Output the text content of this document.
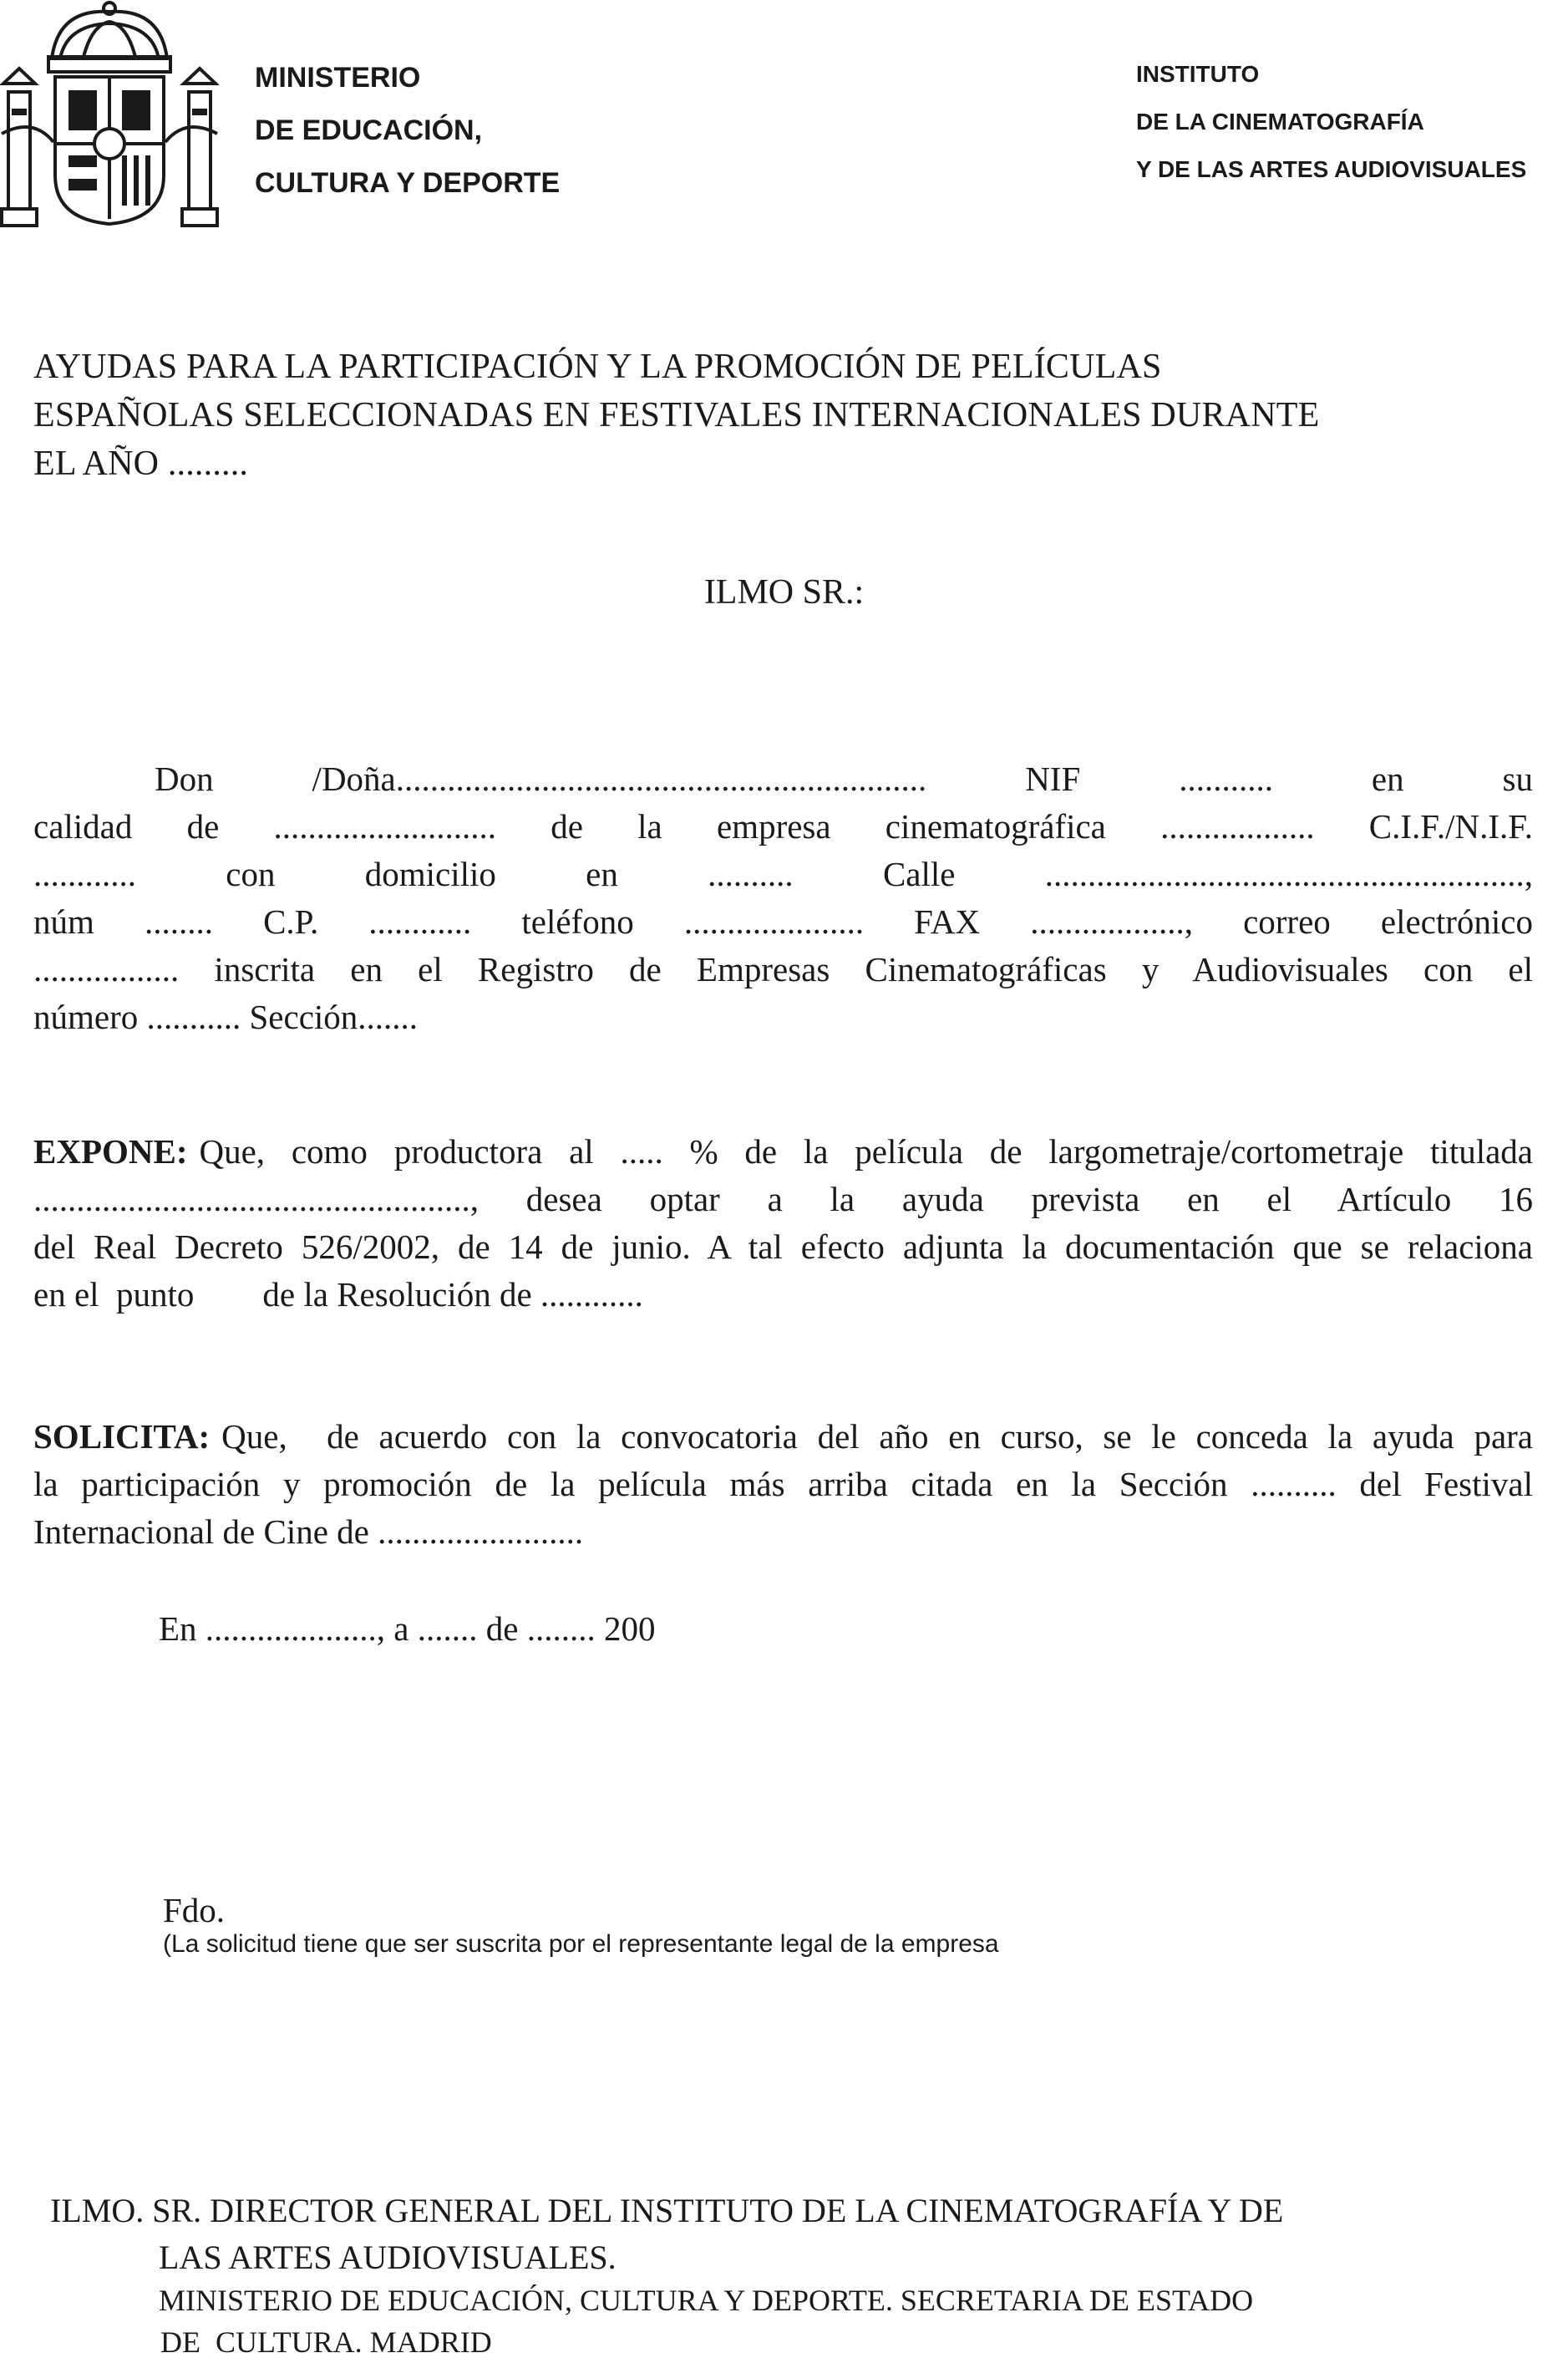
MINISTERIO
DE EDUCACIÓN,
CULTURA Y DEPORTE
INSTITUTO
DE LA CINEMATOGRAFÍA
Y DE LAS ARTES AUDIOVISUALES
AYUDAS PARA LA PARTICIPACIÓN Y LA PROMOCIÓN DE PELÍCULAS
ESPAÑOLAS SELECCIONADAS EN FESTIVALES INTERNACIONALES DURANTE
EL AÑO .........
ILMO SR.:
Don /Doña.............................................................. NIF ........... en su
calidad de .......................... de la empresa cinematográfica .................. C.I.F./N.I.F.
............ con domicilio en .......... Calle ........................................................,
núm ........ C.P. ............ teléfono ..................... FAX .................., correo electrónico
................. inscrita en el Registro de Empresas Cinematográficas y Audiovisuales con el
número ........... Sección.......
EXPONE: Que, como productora al ..... % de la película de largometraje/cortometraje titulada
..................................................., desea optar a la ayuda prevista en el Artículo 16
del Real Decreto 526/2002, de 14 de junio. A tal efecto adjunta la documentación que se relaciona
en el  punto        de la Resolución de ............
SOLICITA: Que,  de acuerdo con la convocatoria del año en curso, se le conceda la ayuda para
la participación y promoción de la película más arriba citada en la Sección .......... del Festival
Internacional de Cine de ........................
En ...................., a ....... de ........ 200
Fdo.
(La solicitud tiene que ser suscrita por el representante legal de la empresa
ILMO. SR. DIRECTOR GENERAL DEL INSTITUTO DE LA CINEMATOGRAFÍA Y DE
LAS ARTES AUDIOVISUALES.
MINISTERIO DE EDUCACIÓN, CULTURA Y DEPORTE. SECRETARIA DE ESTADO
DE  CULTURA. MADRID
